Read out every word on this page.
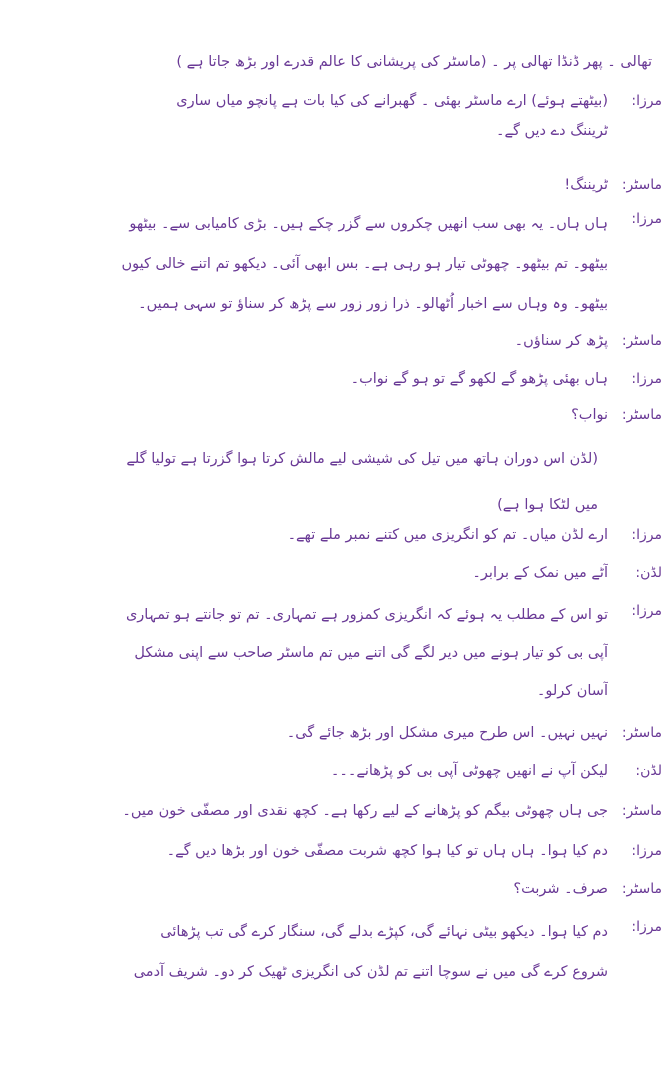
تھالی ۔ پھر ڈنڈا تھالی پر ۔ (ماسٹر کی پریشانی کا عالم قدرے اور بڑھ جاتا ہے )
مرزا:
(بیٹھتے ہوئے) ارے ماسٹر بھئی ۔ گھبرانے کی کیا بات ہے پانچو میاں ساری
ٹریننگ دے دیں گے۔
ماسٹر:
ٹریننگ!
مرزا:
ہاں ہاں۔ یہ بھی سب انھیں چکروں سے گزر چکے ہیں۔ بڑی کامیابی سے۔ بیٹھو
بیٹھو۔ تم بیٹھو۔ چھوٹی تیار ہو رہی ہے۔ بس ابھی آئی۔ دیکھو تم اتنے خالی کیوں
بیٹھو۔ وہ وہاں سے اخبار اُٹھالو۔ ذرا زور زور سے پڑھ کر سناؤ تو سہی ہمیں۔
ماسٹر:
پڑھ کر سناؤں۔
مرزا:
ہاں بھئی پڑھو گے لکھو گے تو ہو گے نواب۔
ماسٹر:
نواب؟
(لڈن اس دوران ہاتھ میں تیل کی شیشی لیے مالش کرتا ہوا گزرتا ہے تولیا گلے
میں لٹکا ہوا ہے)
مرزا:
ارے لڈن میاں۔ تم کو انگریزی میں کتنے نمبر ملے تھے۔
لڈن:
آٹے میں نمک کے برابر۔
مرزا:
تو اس کے مطلب یہ ہوئے کہ انگریزی کمزور ہے تمہاری۔ تم تو جانتے ہو تمہاری
آپی بی کو تیار ہونے میں دیر لگے گی اتنے میں تم ماسٹر صاحب سے اپنی مشکل
آسان کرلو۔
ماسٹر:
نہیں نہیں۔ اس طرح میری مشکل اور بڑھ جائے گی۔
لڈن:
لیکن آپ نے انھیں چھوٹی آپی بی کو پڑھانے۔۔۔
ماسٹر:
جی ہاں چھوٹی بیگم کو پڑھانے کے لیے رکھا ہے۔ کچھ نقدی اور مصفّی خون میں۔
مرزا:
دم کیا ہوا۔ ہاں ہاں تو کیا ہوا کچھ شربت مصفّی خون اور بڑھا دیں گے۔
ماسٹر:
صرف۔ شربت؟
مرزا:
دم کیا ہوا۔ دیکھو بیٹی نہائے گی، کپڑے بدلے گی، سنگار کرے گی تب پڑھائی
شروع کرے گی میں نے سوچا اتنے تم لڈن کی انگریزی ٹھیک کر دو۔ شریف آدمی
